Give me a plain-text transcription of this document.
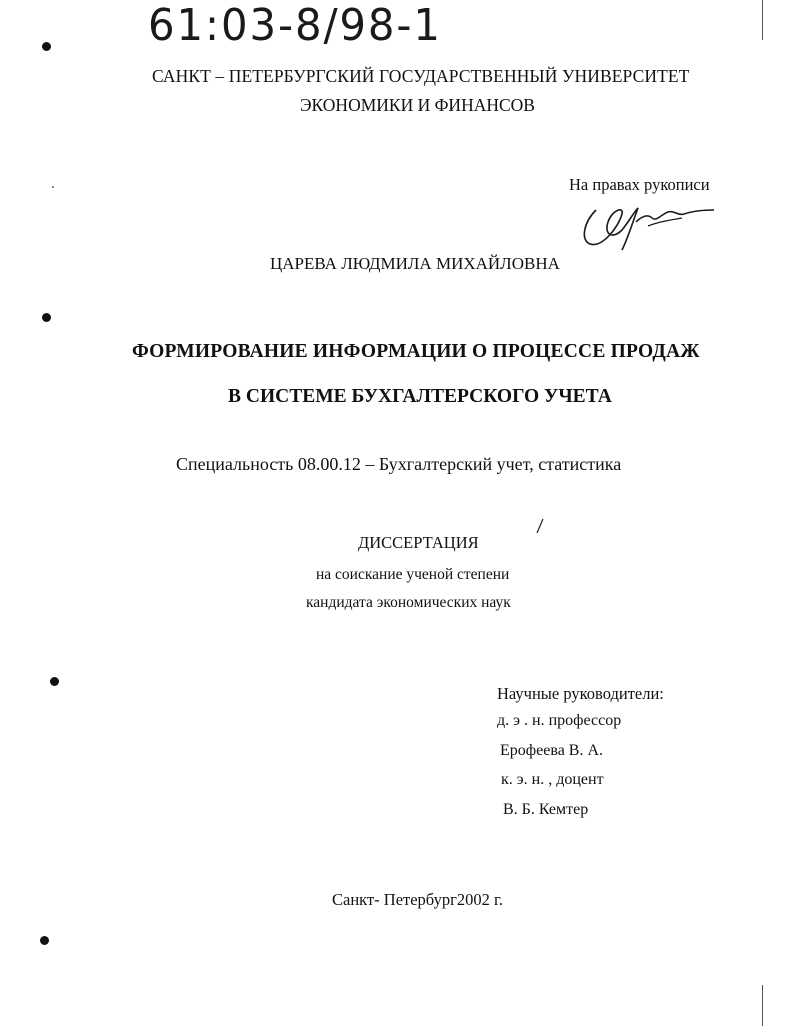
61:03-8/98-1
САНКТ – ПЕТЕРБУРГСКИЙ ГОСУДАРСТВЕННЫЙ УНИВЕРСИТЕТ
ЭКОНОМИКИ И ФИНАНСОВ
На правах рукописи
ЦАРЕВА ЛЮДМИЛА МИХАЙЛОВНА
ФОРМИРОВАНИЕ ИНФОРМАЦИИ О ПРОЦЕССЕ ПРОДАЖ
В СИСТЕМЕ БУХГАЛТЕРСКОГО УЧЕТА
Специальность 08.00.12 – Бухгалтерский учет, статистика
ДИССЕРТАЦИЯ
на соискание ученой степени
кандидата экономических наук
Научные руководители:
д. э . н. профессор
Ерофеева В. А.
к. э. н. , доцент
В. Б. Кемтер
Санкт- Петербург2002 г.
